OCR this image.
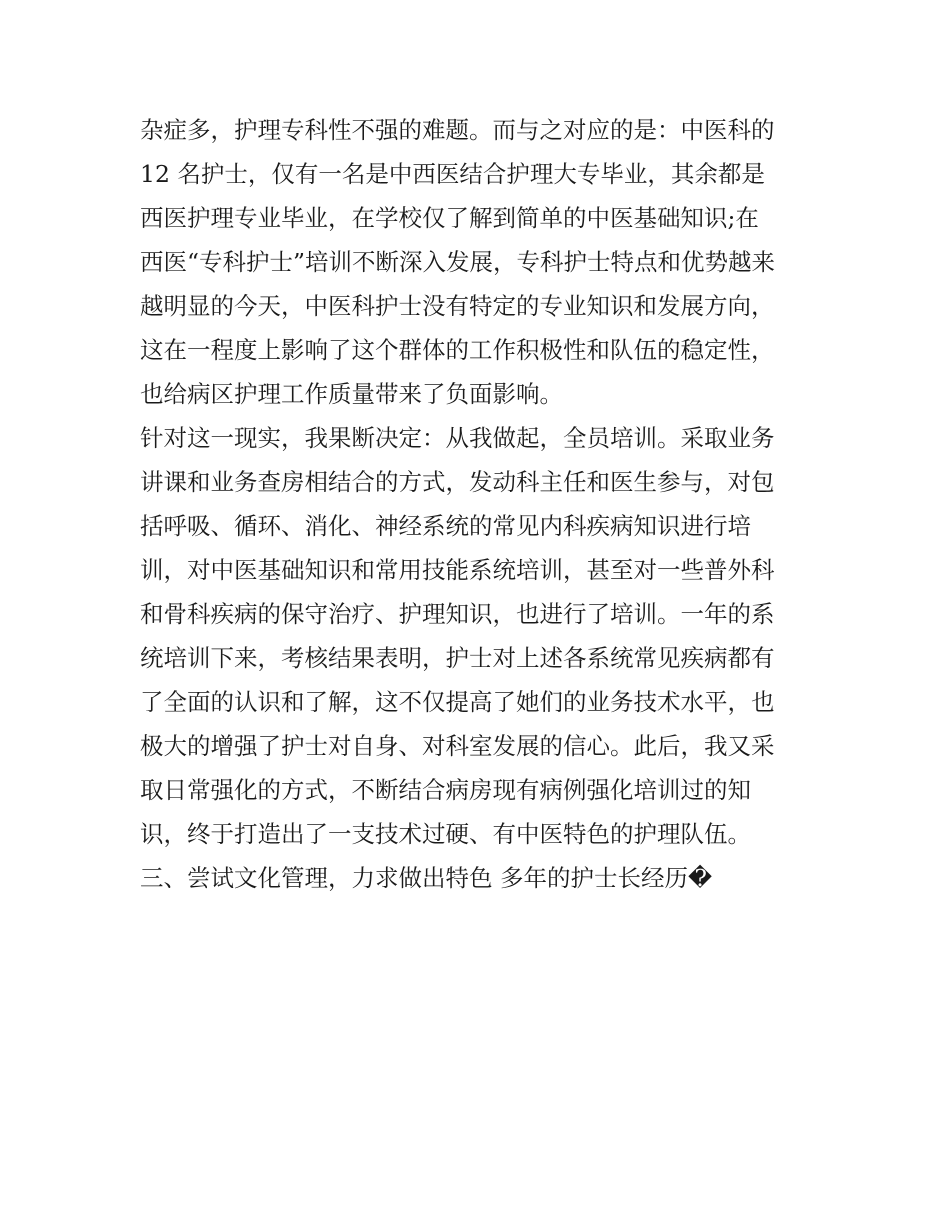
杂症多，护理专科性不强的难题。而与之对应的是：中医科的
12 名护士，仅有一名是中西医结合护理大专毕业，其余都是
西医护理专业毕业，在学校仅了解到简单的中医基础知识;在
西医“专科护士”培训不断深入发展，专科护士特点和优势越来
越明显的今天，中医科护士没有特定的专业知识和发展方向，
这在一程度上影响了这个群体的工作积极性和队伍的稳定性，
也给病区护理工作质量带来了负面影响。
针对这一现实，我果断决定：从我做起，全员培训。采取业务
讲课和业务查房相结合的方式，发动科主任和医生参与，对包
括呼吸、循环、消化、神经系统的常见内科疾病知识进行培
训，对中医基础知识和常用技能系统培训，甚至对一些普外科
和骨科疾病的保守治疗、护理知识，也进行了培训。一年的系
统培训下来，考核结果表明，护士对上述各系统常见疾病都有
了全面的认识和了解，这不仅提高了她们的业务技术水平，也
极大的增强了护士对自身、对科室发展的信心。此后，我又采
取日常强化的方式，不断结合病房现有病例强化培训过的知
识，终于打造出了一支技术过硬、有中医特色的护理队伍。
三、尝试文化管理，力求做出特色 多年的护士长经历�
